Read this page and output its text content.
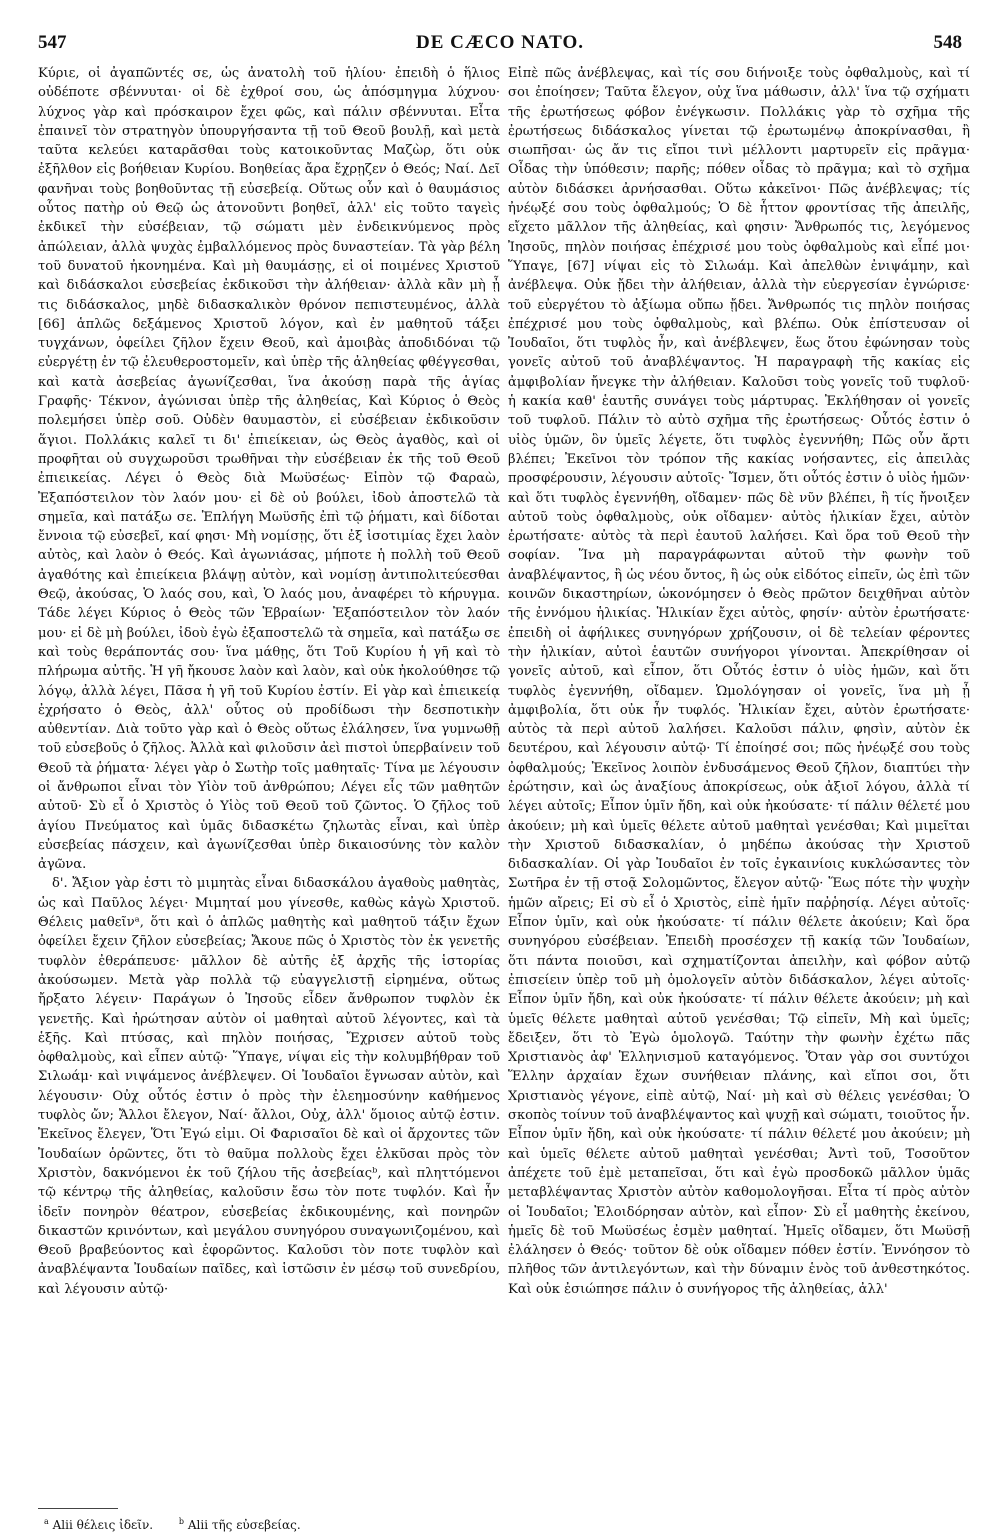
547	DE CÆCO NATO.	548

Κύριε, οἱ ἀγαπῶντές σε, ὡς ἀνατολὴ τοῦ ἡλίου· ἐπειδὴ ὁ ἥλιος οὐδέποτε σβέννυται· οἱ δὲ ἐχθροί σου, ὡς ἀπόσμηγμα λύχνου· λύχνος γὰρ καὶ πρόσκαιρον ἔχει φῶς, καὶ πάλιν σβέννυται. Εἶτα ἐπαινεῖ τὸν στρατηγὸν ὑπουργήσαντα τῇ τοῦ Θεοῦ βουλῇ, καὶ μετὰ ταῦτα κελεύει καταρᾶσθαι τοὺς κατοικοῦντας Μαζὼρ, ὅτι οὐκ ἐξῆλθον εἰς βοήθειαν Κυρίου. Βοηθείας ἄρα ἔχρῃζεν ὁ Θεός; Ναί. Δεῖ φανῆναι τοὺς βοηθοῦντας τῇ εὐσεβείᾳ. Οὕτως οὖν καὶ ὁ θαυμάσιος οὗτος πατὴρ οὐ Θεῷ ὡς ἀτονοῦντι βοηθεῖ, ἀλλ' εἰς τοῦτο ταγεὶς ἐκδικεῖ τὴν εὐσέβειαν, τῷ σώματι μὲν ἐνδεικνύμενος πρὸς ἀπώλειαν, ἀλλὰ ψυχὰς ἐμβαλλόμενος πρὸς δυναστείαν. Τὰ γὰρ βέλη τοῦ δυνατοῦ ἠκονημένα. Καὶ μὴ θαυμάσῃς, εἰ οἱ ποιμένες Χριστοῦ καὶ διδάσκαλοι εὐσεβείας ἐκδικοῦσι τὴν ἀλήθειαν· ἀλλὰ κἂν μὴ ᾖ τις διδάσκαλος, μηδὲ διδασκαλικὸν θρόνον πεπιστευμένος, ἀλλὰ [66] ἁπλῶς δεξάμενος Χριστοῦ λόγον, καὶ ἐν μαθητοῦ τάξει τυγχάνων, ὀφείλει ζῆλον ἔχειν Θεοῦ, καὶ ἀμοιβὰς ἀποδιδόναι τῷ εὐεργέτῃ ἐν τῷ ἐλευθεροστομεῖν, καὶ ὑπὲρ τῆς ἀληθείας φθέγγεσθαι, καὶ κατὰ ἀσεβείας ἀγωνίζεσθαι, ἵνα ἀκούσῃ παρὰ τῆς ἁγίας Γραφῆς· Τέκνον, ἀγώνισαι ὑπὲρ τῆς ἀληθείας, Καὶ Κύριος ὁ Θεὸς πολεμήσει ὑπὲρ σοῦ. Οὐδὲν θαυμαστὸν, εἰ εὐσέβειαν ἐκδικοῦσιν ἅγιοι. Πολλάκις καλεῖ τι δι' ἐπιείκειαν, ὡς Θεὸς ἀγαθὸς, καὶ οἱ προφῆται οὐ συγχωροῦσι τρωθῆναι τὴν εὐσέβειαν ἐκ τῆς τοῦ Θεοῦ ἐπιεικείας. Λέγει ὁ Θεὸς διὰ Μωϋσέως· Εἰπὸν τῷ Φαραὼ, Ἐξαπόστειλον τὸν λαόν μου· εἰ δὲ οὐ βούλει, ἰδοὺ ἀποστελῶ τὰ σημεῖα, καὶ πατάξω σε. Ἐπλήγη Μωϋσῆς ἐπὶ τῷ ῥήματι, καὶ δίδοται ἔννοια τῷ εὐσεβεῖ, καί φησι· Μὴ νομίσῃς, ὅτι ἐξ ἰσοτιμίας ἔχει λαὸν αὐτὸς, καὶ λαὸν ὁ Θεός. Καὶ ἀγωνιάσας, μήποτε ἡ πολλὴ τοῦ Θεοῦ ἀγαθότης καὶ ἐπιείκεια βλάψῃ αὐτὸν, καὶ νομίσῃ ἀντιπολιτεύεσθαι Θεῷ, ἀκούσας, Ὁ λαός σου, καὶ, Ὁ λαός μου, ἀναφέρει τὸ κήρυγμα. Τάδε λέγει Κύριος ὁ Θεὸς τῶν Ἑβραίων· Ἐξαπόστειλον τὸν λαόν μου· εἰ δὲ μὴ βούλει, ἰδοὺ ἐγὼ ἐξαποστελῶ τὰ σημεῖα, καὶ πατάξω σε καὶ τοὺς θεράποντάς σου· ἵνα μάθῃς, ὅτι Τοῦ Κυρίου ἡ γῆ καὶ τὸ πλήρωμα αὐτῆς. Ἡ γῆ ἤκουσε λαὸν καὶ λαὸν, καὶ οὐκ ἠκολούθησε τῷ λόγῳ, ἀλλὰ λέγει, Πᾶσα ἡ γῆ τοῦ Κυρίου ἐστίν. Εἰ γὰρ καὶ ἐπιεικείᾳ ἐχρήσατο ὁ Θεὸς, ἀλλ' οὗτος οὐ προδίδωσι τὴν δεσποτικὴν αὐθεντίαν. Διὰ τοῦτο γὰρ καὶ ὁ Θεὸς οὕτως ἐλάλησεν, ἵνα γυμνωθῇ τοῦ εὐσεβοῦς ὁ ζῆλος. Ἀλλὰ καὶ φιλοῦσιν ἀεὶ πιστοὶ ὑπερβαίνειν τοῦ Θεοῦ τὰ ῥήματα· λέγει γὰρ ὁ Σωτὴρ τοῖς μαθηταῖς· Τίνα με λέγουσιν οἱ ἄνθρωποι εἶναι τὸν Υἱὸν τοῦ ἀνθρώπου; Λέγει εἷς τῶν μαθητῶν αὐτοῦ· Σὺ εἶ ὁ Χριστὸς ὁ Υἱὸς τοῦ Θεοῦ τοῦ ζῶντος. Ὁ ζῆλος τοῦ ἁγίου Πνεύματος καὶ ὑμᾶς διδασκέτω ζηλωτὰς εἶναι, καὶ ὑπὲρ εὐσεβείας πάσχειν, καὶ ἀγωνίζεσθαι ὑπὲρ δικαιοσύνης τὸν καλὸν ἀγῶνα.

δ'. Ἄξιον γὰρ ἐστι τὸ μιμητὰς εἶναι διδασκάλου ἀγαθοὺς μαθητὰς, ὡς καὶ Παῦλος λέγει· Μιμηταί μου γίνεσθε, καθὼς κἀγὼ Χριστοῦ. Θέλεις μαθεῖνᵃ, ὅτι καὶ ὁ ἁπλῶς μαθητὴς καὶ μαθητοῦ τάξιν ἔχων ὀφείλει ἔχειν ζῆλον εὐσεβείας; Ἄκουε πῶς ὁ Χριστὸς τὸν ἐκ γενετῆς τυφλὸν ἐθεράπευσε· μᾶλλον δὲ αὐτῆς ἐξ ἀρχῆς τῆς ἱστορίας ἀκούσωμεν. Μετὰ γὰρ πολλὰ τῷ εὐαγγελιστῇ εἰρημένα, οὕτως ἤρξατο λέγειν· Παράγων ὁ Ἰησοῦς εἶδεν ἄνθρωπον τυφλὸν ἐκ γενετῆς. Καὶ ἠρώτησαν αὐτὸν οἱ μαθηταὶ αὐτοῦ λέγοντες, καὶ τὰ ἑξῆς. Καὶ πτύσας, καὶ πηλὸν ποιήσας, Ἔχρισεν αὐτοῦ τοὺς ὀφθαλμοὺς, καὶ εἶπεν αὐτῷ· Ὕπαγε, νίψαι εἰς τὴν κολυμβήθραν τοῦ Σιλωάμ· καὶ νιψάμενος ἀνέβλεψεν. Οἱ Ἰουδαῖοι ἔγνωσαν αὐτὸν, καὶ λέγουσιν· Οὐχ οὗτός ἐστιν ὁ πρὸς τὴν ἐλεημοσύνην καθήμενος τυφλὸς ὤν; Ἄλλοι ἔλεγον, Ναί· ἄλλοι, Οὐχ, ἀλλ' ὅμοιος αὐτῷ ἐστιν. Ἐκεῖνος ἔλεγεν, Ὅτι Ἐγώ εἰμι. Οἱ Φαρισαῖοι δὲ καὶ οἱ ἄρχοντες τῶν Ἰουδαίων ὁρῶντες, ὅτι τὸ θαῦμα πολλοὺς ἔχει ἑλκῦσαι πρὸς τὸν Χριστὸν, δακνόμενοι ἐκ τοῦ ζήλου τῆς ἀσεβείαςᵇ, καὶ πληττόμενοι τῷ κέντρῳ τῆς ἀληθείας, καλοῦσιν ἔσω τὸν ποτε τυφλόν. Καὶ ἦν ἰδεῖν πονηρὸν θέατρον, εὐσεβείας ἐκδικουμένης, καὶ πονηρῶν δικαστῶν κρινόντων, καὶ μεγάλου συνηγόρου συναγωνιζομένου, καὶ Θεοῦ βραβεύοντος καὶ ἐφορῶντος. Καλοῦσι τὸν ποτε τυφλὸν καὶ ἀναβλέψαντα Ἰουδαίων παῖδες, καὶ ἱστῶσιν ἐν μέσῳ τοῦ συνεδρίου, καὶ λέγουσιν αὐτῷ·

Εἰπὲ πῶς ἀνέβλεψας, καὶ τίς σου διήνοιξε τοὺς ὀφθαλμοὺς, καὶ τί σοι ἐποίησεν; Ταῦτα ἔλεγον, οὐχ ἵνα μάθωσιν, ἀλλ' ἵνα τῷ σχήματι τῆς ἐρωτήσεως φόβον ἐνέγκωσιν. Πολλάκις γὰρ τὸ σχῆμα τῆς ἐρωτήσεως διδάσκαλος γίνεται τῷ ἐρωτωμένῳ ἀποκρίνασθαι, ἢ σιωπῆσαι· ὡς ἄν τις εἴποι τινὶ μέλλοντι μαρτυρεῖν εἰς πρᾶγμα· Οἶδας τὴν ὑπόθεσιν; παρῆς; πόθεν οἶδας τὸ πρᾶγμα; καὶ τὸ σχῆμα αὐτὸν διδάσκει ἀρνήσασθαι. Οὕτω κἀκεῖνοι· Πῶς ἀνέβλεψας; τίς ἠνέῳξέ σου τοὺς ὀφθαλμούς; Ὁ δὲ ἧττον φροντίσας τῆς ἀπειλῆς, εἴχετο μᾶλλον τῆς ἀληθείας, καὶ φησιν· Ἄνθρωπός τις, λεγόμενος Ἰησοῦς, πηλὸν ποιήσας ἐπέχρισέ μου τοὺς ὀφθαλμοὺς καὶ εἶπέ μοι· Ὕπαγε, [67] νίψαι εἰς τὸ Σιλωάμ. Καὶ ἀπελθὼν ἐνιψάμην, καὶ ἀνέβλεψα. Οὐκ ᾔδει τὴν ἀλήθειαν, ἀλλὰ τὴν εὐεργεσίαν ἐγνώρισε· τοῦ εὐεργέτου τὸ ἀξίωμα οὔπω ᾔδει. Ἄνθρωπός τις πηλὸν ποιήσας ἐπέχρισέ μου τοὺς ὀφθαλμοὺς, καὶ βλέπω. Οὐκ ἐπίστευσαν οἱ Ἰουδαῖοι, ὅτι τυφλὸς ἦν, καὶ ἀνέβλεψεν, ἕως ὅτου ἐφώνησαν τοὺς γονεῖς αὐτοῦ τοῦ ἀναβλέψαντος. Ἡ παραγραφὴ τῆς κακίας εἰς ἀμφιβολίαν ἤνεγκε τὴν ἀλήθειαν. Καλοῦσι τοὺς γονεῖς τοῦ τυφλοῦ· ἡ κακία καθ' ἑαυτῆς συνάγει τοὺς μάρτυρας. Ἐκλήθησαν οἱ γονεῖς τοῦ τυφλοῦ. Πάλιν τὸ αὐτὸ σχῆμα τῆς ἐρωτήσεως· Οὗτός ἐστιν ὁ υἱὸς ὑμῶν, ὃν ὑμεῖς λέγετε, ὅτι τυφλὸς ἐγεννήθη; Πῶς οὖν ἄρτι βλέπει; Ἐκεῖνοι τὸν τρόπον τῆς κακίας νοήσαντες, εἰς ἀπειλὰς προσφέρουσιν, λέγουσιν αὐτοῖς· Ἴσμεν, ὅτι οὗτός ἐστιν ὁ υἱὸς ἡμῶν· καὶ ὅτι τυφλὸς ἐγεννήθη, οἴδαμεν· πῶς δὲ νῦν βλέπει, ἢ τίς ἤνοιξεν αὐτοῦ τοὺς ὀφθαλμοὺς, οὐκ οἴδαμεν· αὐτὸς ἡλικίαν ἔχει, αὐτὸν ἐρωτήσατε· αὐτὸς τὰ περὶ ἑαυτοῦ λαλήσει. Καὶ ὅρα τοῦ Θεοῦ τὴν σοφίαν. Ἵνα μὴ παραγράφωνται αὐτοῦ τὴν φωνὴν τοῦ ἀναβλέψαντος, ἢ ὡς νέου ὄντος, ἢ ὡς οὐκ εἰδότος εἰπεῖν, ὡς ἐπὶ τῶν κοινῶν δικαστηρίων, ὡκονόμησεν ὁ Θεὸς πρῶτον δειχθῆναι αὐτὸν τῆς ἐννόμου ἡλικίας. Ἡλικίαν ἔχει αὐτὸς, φησίν· αὐτὸν ἐρωτήσατε· ἐπειδὴ οἱ ἀφήλικες συνηγόρων χρήζουσιν, οἱ δὲ τελείαν φέροντες τὴν ἡλικίαν, αὐτοὶ ἑαυτῶν συνήγοροι γίνονται. Ἀπεκρίθησαν οἱ γονεῖς αὐτοῦ, καὶ εἶπον, ὅτι Οὗτός ἐστιν ὁ υἱὸς ἡμῶν, καὶ ὅτι τυφλὸς ἐγεννήθη, οἴδαμεν. Ὡμολόγησαν οἱ γονεῖς, ἵνα μὴ ᾖ ἀμφιβολία, ὅτι οὐκ ἦν τυφλός. Ἡλικίαν ἔχει, αὐτὸν ἐρωτήσατε· αὐτὸς τὰ περὶ αὐτοῦ λαλήσει. Καλοῦσι πάλιν, φησὶν, αὐτὸν ἐκ δευτέρου, καὶ λέγουσιν αὐτῷ· Τί ἐποίησέ σοι; πῶς ἠνέῳξέ σου τοὺς ὀφθαλμούς; Ἐκεῖνος λοιπὸν ἐνδυσάμενος Θεοῦ ζῆλον, διαπτύει τὴν ἐρώτησιν, καὶ ὡς ἀναξίους ἀποκρίσεως, οὐκ ἀξιοῖ λόγου, ἀλλὰ τί λέγει αὐτοῖς; Εἶπον ὑμῖν ἤδη, καὶ οὐκ ἠκούσατε· τί πάλιν θέλετέ μου ἀκούειν; μὴ καὶ ὑμεῖς θέλετε αὐτοῦ μαθηταὶ γενέσθαι; Καὶ μιμεῖται τὴν Χριστοῦ διδασκαλίαν, ὁ μηδέπω ἀκούσας τὴν Χριστοῦ διδασκαλίαν. Οἱ γὰρ Ἰουδαῖοι ἐν τοῖς ἐγκαινίοις κυκλώσαντες τὸν Σωτῆρα ἐν τῇ στοᾷ Σολομῶντος, ἔλεγον αὐτῷ· Ἕως πότε τὴν ψυχὴν ἡμῶν αἴρεις; Εἰ σὺ εἶ ὁ Χριστὸς, εἰπὲ ἡμῖν παῤῥησίᾳ. Λέγει αὐτοῖς· Εἶπον ὑμῖν, καὶ οὐκ ἠκούσατε· τί πάλιν θέλετε ἀκούειν; Καὶ ὅρα συνηγόρου εὐσέβειαν. Ἐπειδὴ προσέσχεν τῇ κακίᾳ τῶν Ἰουδαίων, ὅτι πάντα ποιοῦσι, καὶ σχηματίζονται ἀπειλὴν, καὶ φόβον αὐτῷ ἐπισείειν ὑπὲρ τοῦ μὴ ὁμολογεῖν αὐτὸν διδάσκαλον, λέγει αὐτοῖς· Εἶπον ὑμῖν ἤδη, καὶ οὐκ ἠκούσατε· τί πάλιν θέλετε ἀκούειν; μὴ καὶ ὑμεῖς θέλετε μαθηταὶ αὐτοῦ γενέσθαι; Τῷ εἰπεῖν, Μὴ καὶ ὑμεῖς; ἔδειξεν, ὅτι τὸ Ἐγὼ ὁμολογῶ. Ταύτην τὴν φωνὴν ἐχέτω πᾶς Χριστιανὸς ἀφ' Ἑλληνισμοῦ καταγόμενος. Ὅταν γὰρ σοι συντύχοι Ἕλλην ἀρχαίαν ἔχων συνήθειαν πλάνης, καὶ εἴποι σοι, ὅτι Χριστιανὸς γέγονε, εἰπὲ αὐτῷ, Ναί· μὴ καὶ σὺ θέλεις γενέσθαι; Ὁ σκοπὸς τοίνυν τοῦ ἀναβλέψαντος καὶ ψυχῇ καὶ σώματι, τοιοῦτος ἦν. Εἶπον ὑμῖν ἤδη, καὶ οὐκ ἠκούσατε· τί πάλιν θέλετέ μου ἀκούειν; μὴ καὶ ὑμεῖς θέλετε αὐτοῦ μαθηταὶ γενέσθαι; Ἀντὶ τοῦ, Τοσοῦτον ἀπέχετε τοῦ ἐμὲ μεταπεῖσαι, ὅτι καὶ ἐγὼ προσδοκῶ μᾶλλον ὑμᾶς μεταβλέψαντας Χριστὸν αὐτὸν καθομολογῆσαι. Εἶτα τί πρὸς αὐτὸν οἱ Ἰουδαῖοι; Ἐλοιδόρησαν αὐτὸν, καὶ εἶπον· Σὺ εἶ μαθητὴς ἐκείνου, ἡμεῖς δὲ τοῦ Μωϋσέως ἐσμὲν μαθηταί. Ἡμεῖς οἴδαμεν, ὅτι Μωϋσῇ ἐλάλησεν ὁ Θεός· τοῦτον δὲ οὐκ οἴδαμεν πόθεν ἐστίν. Ἐννόησον τὸ πλῆθος τῶν ἀντιλεγόντων, καὶ τὴν δύναμιν ἑνὸς τοῦ ἀνθεστηκότος. Καὶ οὐκ ἐσιώπησε πάλιν ὁ συνήγορος τῆς ἀληθείας, ἀλλ'

$^a$ Alii θέλεις ἰδεῖν.	$^b$ Alii τῆς εὐσεβείας.
